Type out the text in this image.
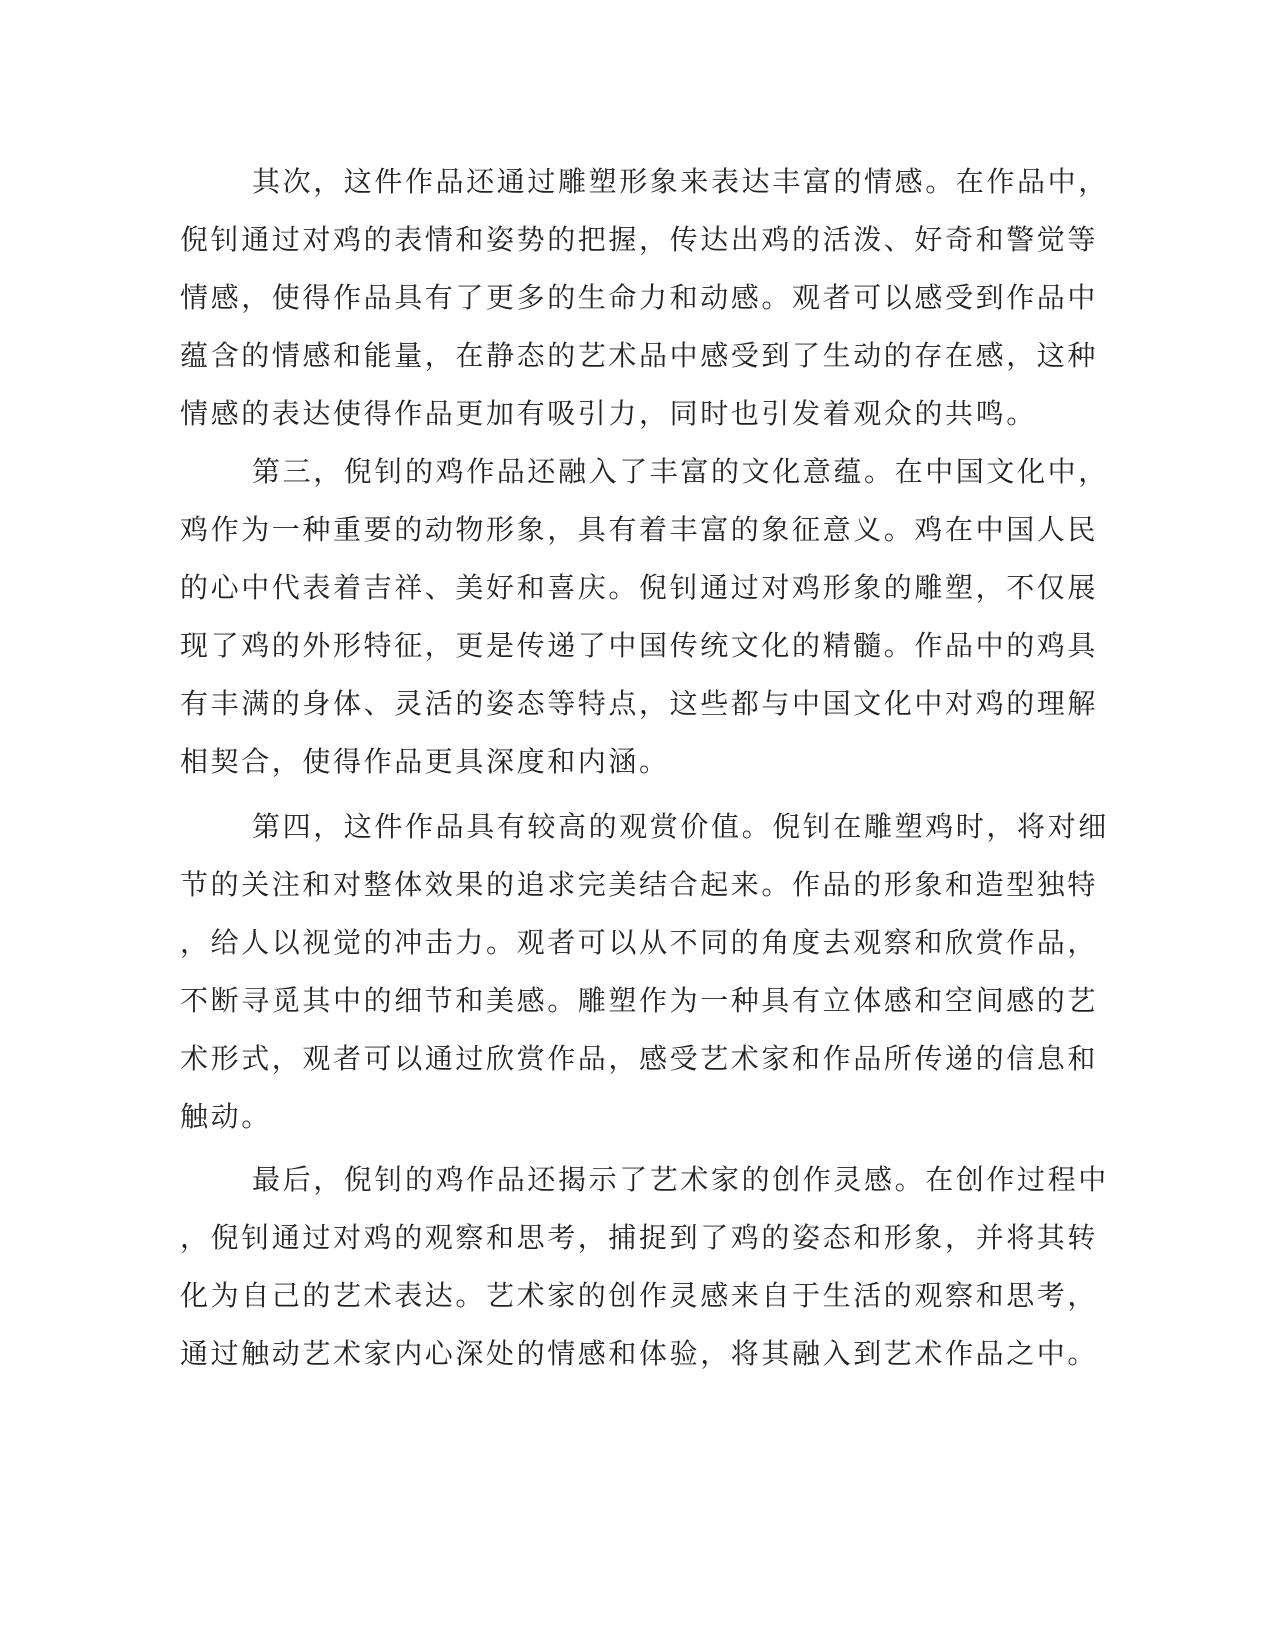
其次，这件作品还通过雕塑形象来表达丰富的情感。在作品中，

倪钊通过对鸡的表情和姿势的把握，传达出鸡的活泼、好奇和警觉等

情感，使得作品具有了更多的生命力和动感。观者可以感受到作品中

蕴含的情感和能量，在静态的艺术品中感受到了生动的存在感，这种

情感的表达使得作品更加有吸引力，同时也引发着观众的共鸣。

第三，倪钊的鸡作品还融入了丰富的文化意蕴。在中国文化中，

鸡作为一种重要的动物形象，具有着丰富的象征意义。鸡在中国人民

的心中代表着吉祥、美好和喜庆。倪钊通过对鸡形象的雕塑，不仅展

现了鸡的外形特征，更是传递了中国传统文化的精髓。作品中的鸡具

有丰满的身体、灵活的姿态等特点，这些都与中国文化中对鸡的理解

相契合，使得作品更具深度和内涵。

第四，这件作品具有较高的观赏价值。倪钊在雕塑鸡时，将对细

节的关注和对整体效果的追求完美结合起来。作品的形象和造型独特

，给人以视觉的冲击力。观者可以从不同的角度去观察和欣赏作品，

不断寻觅其中的细节和美感。雕塑作为一种具有立体感和空间感的艺

术形式，观者可以通过欣赏作品，感受艺术家和作品所传递的信息和

触动。

最后，倪钊的鸡作品还揭示了艺术家的创作灵感。在创作过程中

，倪钊通过对鸡的观察和思考，捕捉到了鸡的姿态和形象，并将其转

化为自己的艺术表达。艺术家的创作灵感来自于生活的观察和思考，

通过触动艺术家内心深处的情感和体验，将其融入到艺术作品之中。
